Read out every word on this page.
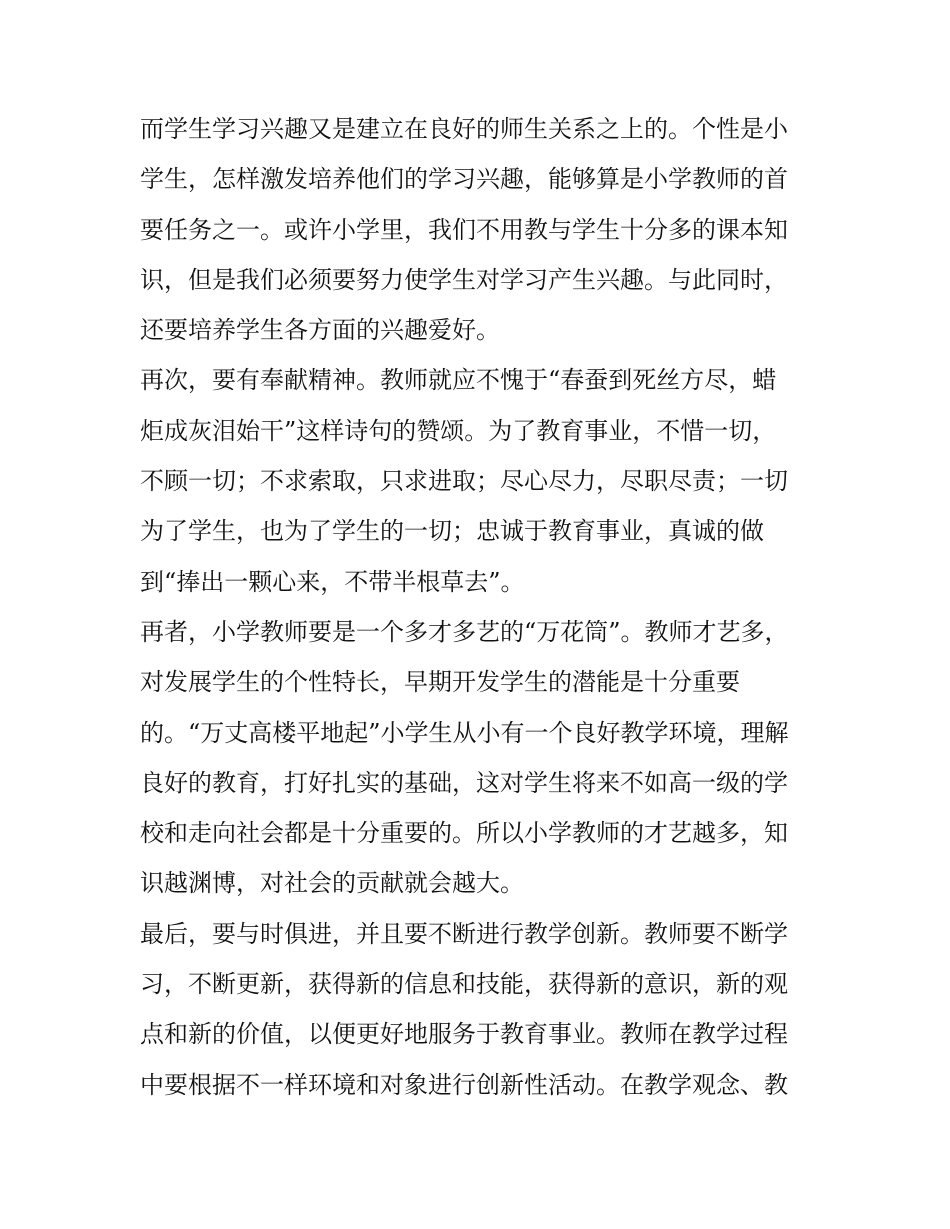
而学生学习兴趣又是建立在良好的师生关系之上的。个性是小
学生，怎样激发培养他们的学习兴趣，能够算是小学教师的首
要任务之一。或许小学里，我们不用教与学生十分多的课本知
识，但是我们必须要努力使学生对学习产生兴趣。与此同时，
还要培养学生各方面的兴趣爱好。
再次，要有奉献精神。教师就应不愧于“春蚕到死丝方尽，蜡
炬成灰泪始干”这样诗句的赞颂。为了教育事业，不惜一切，
不顾一切；不求索取，只求进取；尽心尽力，尽职尽责；一切
为了学生，也为了学生的一切；忠诚于教育事业，真诚的做
到“捧出一颗心来，不带半根草去”。
再者，小学教师要是一个多才多艺的“万花筒”。教师才艺多，
对发展学生的个性特长，早期开发学生的潜能是十分重要
的。“万丈高楼平地起”小学生从小有一个良好教学环境，理解
良好的教育，打好扎实的基础，这对学生将来不如高一级的学
校和走向社会都是十分重要的。所以小学教师的才艺越多，知
识越渊博，对社会的贡献就会越大。
最后，要与时俱进，并且要不断进行教学创新。教师要不断学
习，不断更新，获得新的信息和技能，获得新的意识，新的观
点和新的价值，以便更好地服务于教育事业。教师在教学过程
中要根据不一样环境和对象进行创新性活动。在教学观念、教
